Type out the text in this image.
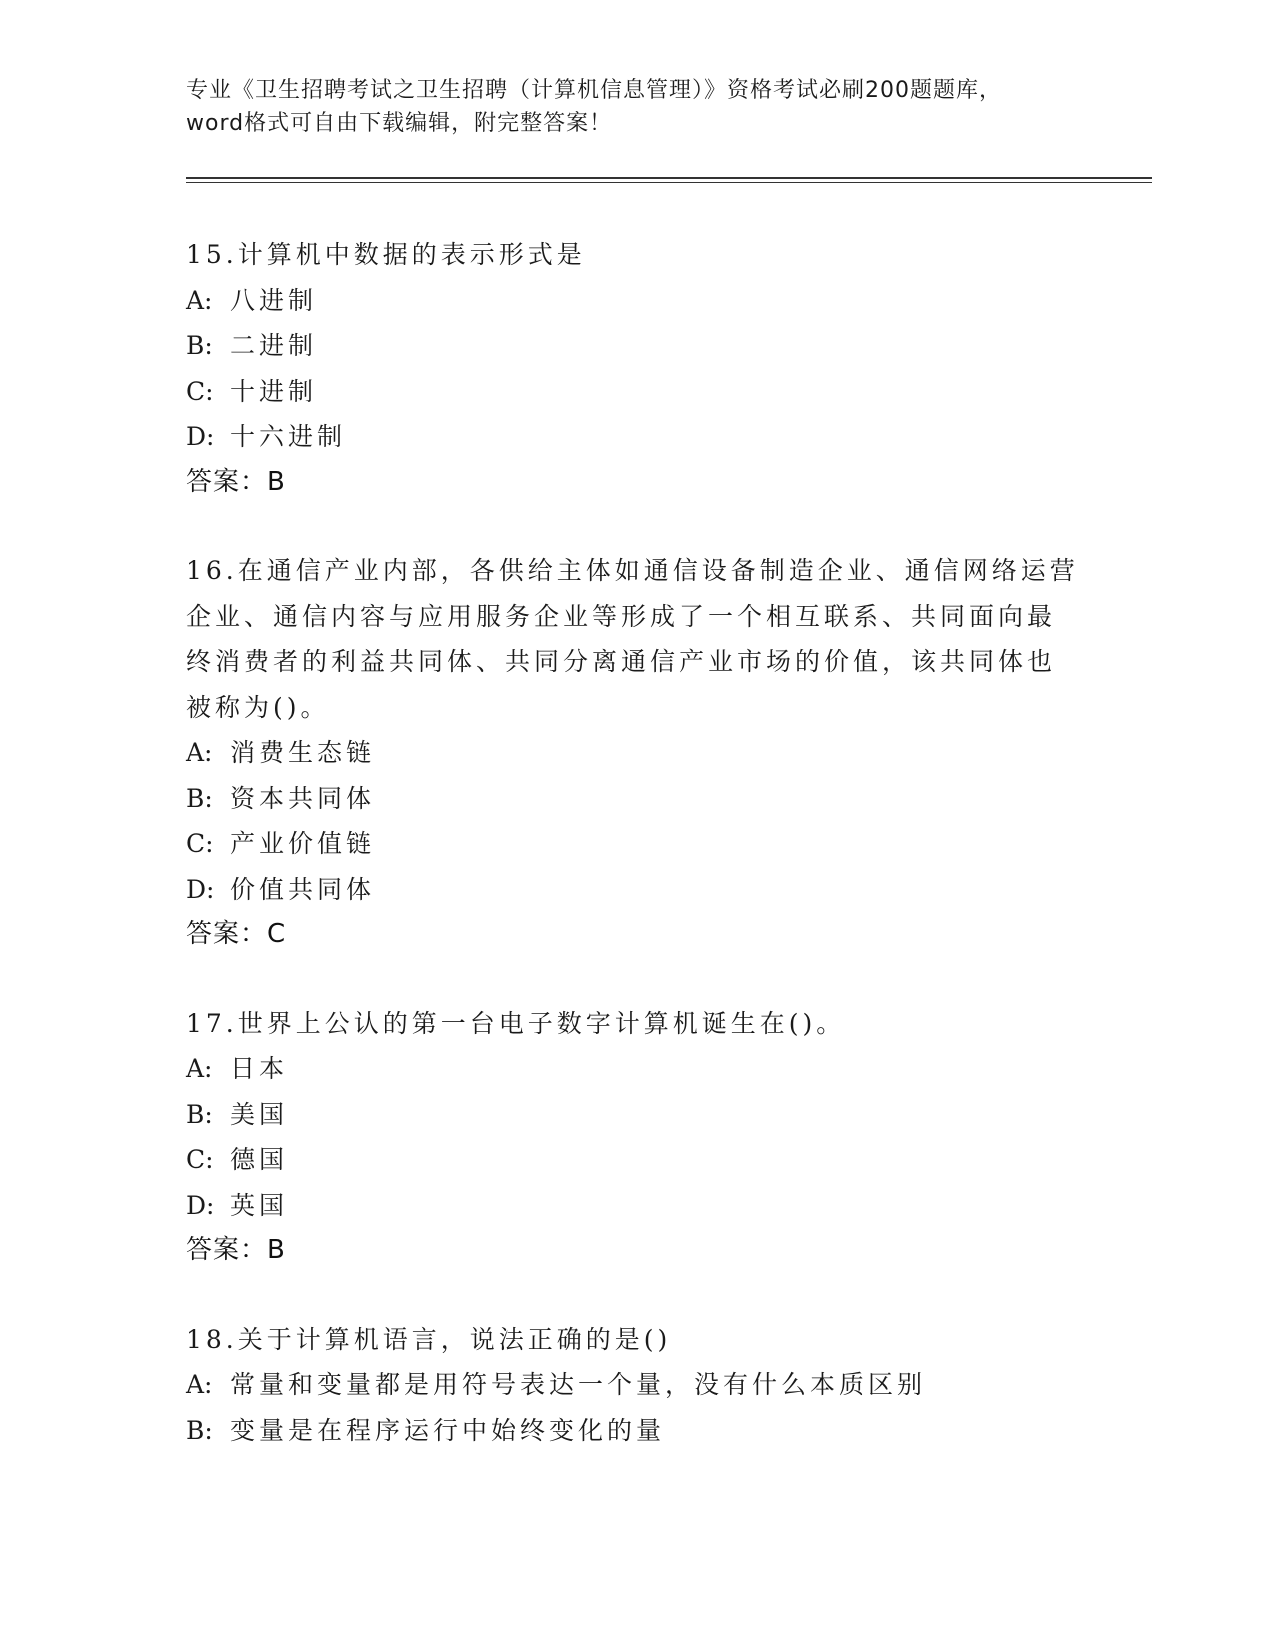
专业《卫生招聘考试之卫生招聘（计算机信息管理）》资格考试必刷200题题库，
word格式可自由下载编辑，附完整答案！
15.计算机中数据的表示形式是
A: 八进制
B: 二进制
C: 十进制
D: 十六进制
答案：B
16.在通信产业内部，各供给主体如通信设备制造企业、通信网络运营
企业、通信内容与应用服务企业等形成了一个相互联系、共同面向最
终消费者的利益共同体、共同分离通信产业市场的价值，该共同体也
被称为()。
A: 消费生态链
B: 资本共同体
C: 产业价值链
D: 价值共同体
答案：C
17.世界上公认的第一台电子数字计算机诞生在()。
A: 日本
B: 美国
C: 德国
D: 英国
答案：B
18.关于计算机语言，说法正确的是()
A: 常量和变量都是用符号表达一个量，没有什么本质区别
B: 变量是在程序运行中始终变化的量
